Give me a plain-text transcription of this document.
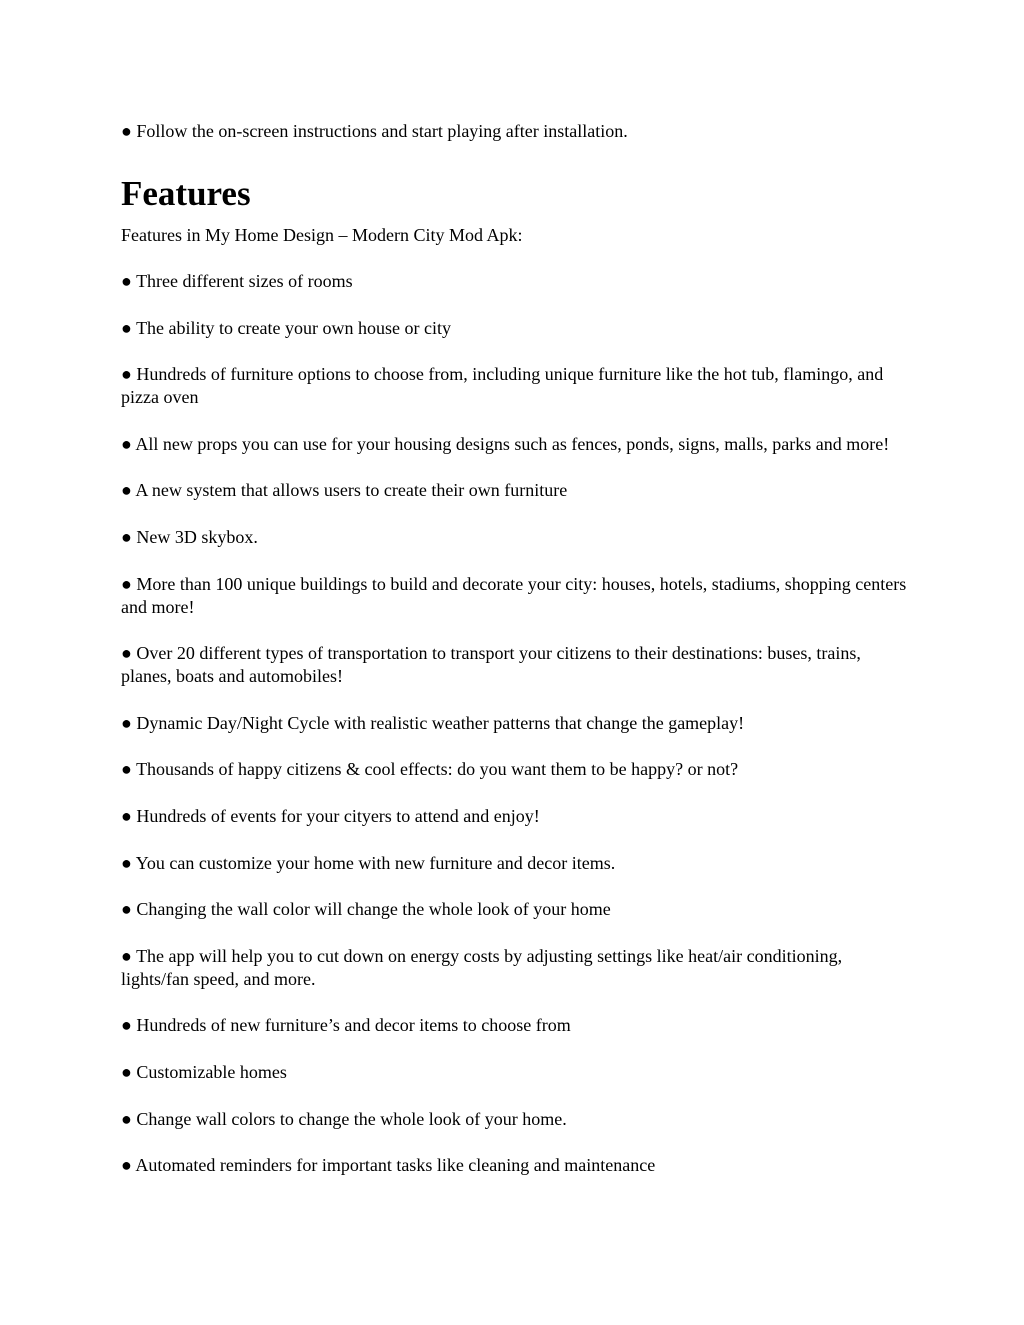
● Follow the on-screen instructions and start playing after installation.
Features
Features in My Home Design – Modern City Mod Apk:
● Three different sizes of rooms
● The ability to create your own house or city
● Hundreds of furniture options to choose from, including unique furniture like the hot tub, flamingo, and pizza oven
● All new props you can use for your housing designs such as fences, ponds, signs, malls, parks and more!
● A new system that allows users to create their own furniture
● New 3D skybox.
● More than 100 unique buildings to build and decorate your city: houses, hotels, stadiums, shopping centers and more!
● Over 20 different types of transportation to transport your citizens to their destinations: buses, trains, planes, boats and automobiles!
● Dynamic Day/Night Cycle with realistic weather patterns that change the gameplay!
● Thousands of happy citizens & cool effects: do you want them to be happy? or not?
● Hundreds of events for your cityers to attend and enjoy!
● You can customize your home with new furniture and decor items.
● Changing the wall color will change the whole look of your home
● The app will help you to cut down on energy costs by adjusting settings like heat/air conditioning, lights/fan speed, and more.
● Hundreds of new furniture’s and decor items to choose from
● Customizable homes
● Change wall colors to change the whole look of your home.
● Automated reminders for important tasks like cleaning and maintenance
